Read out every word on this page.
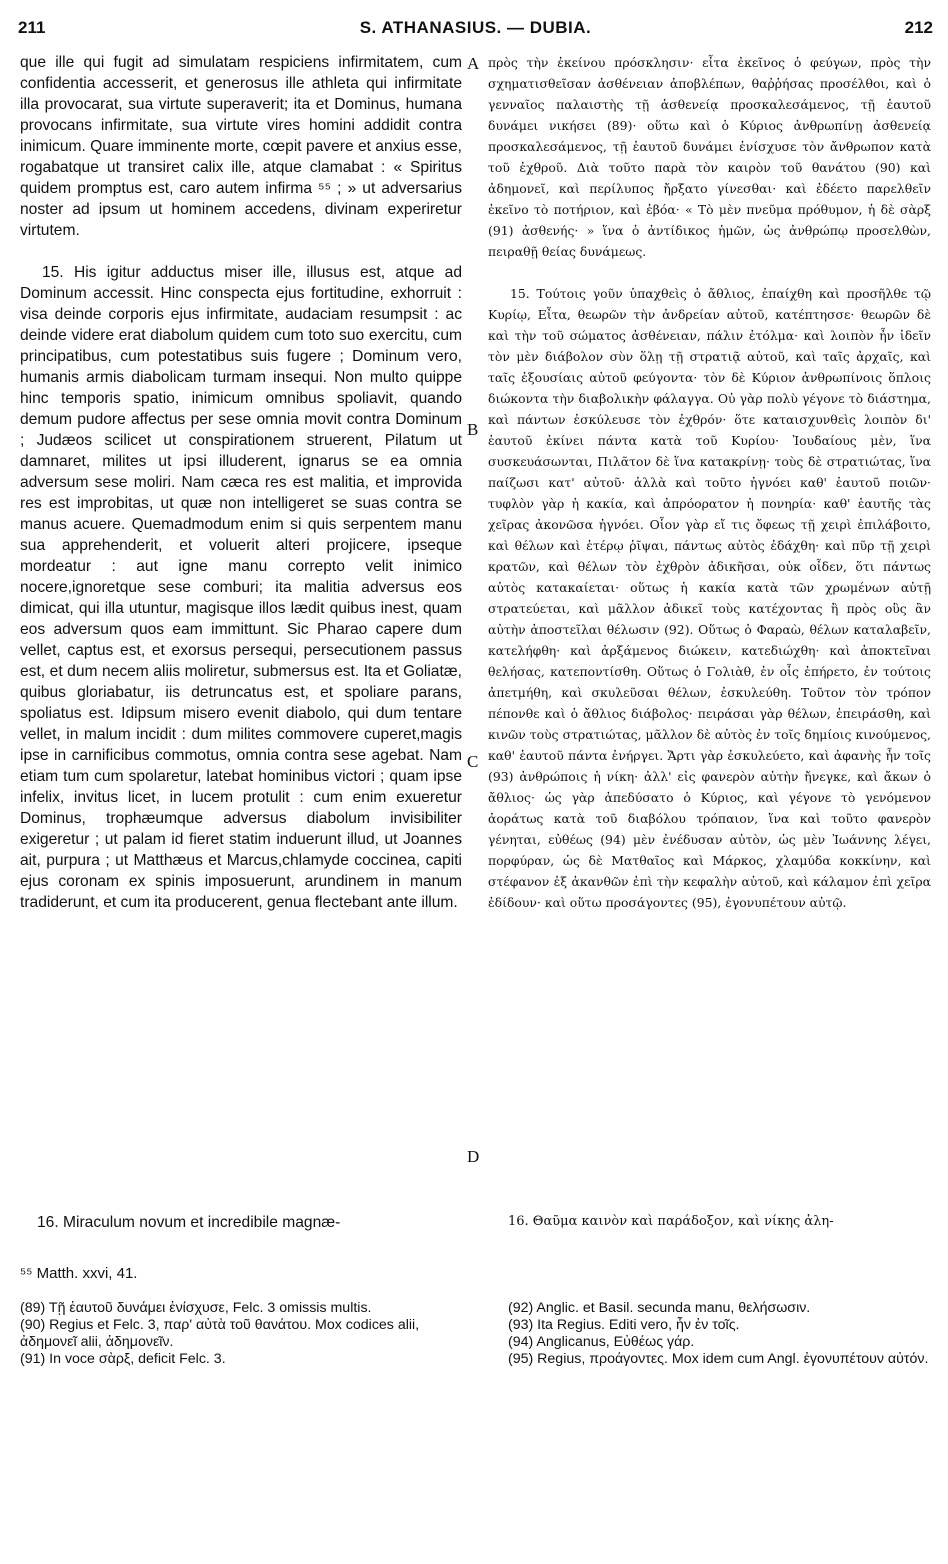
211	S. ATHANASIUS. — DUBIA.	212

que ille qui fugit ad simulatam respiciens infirmitatem, cum confidentia accesserit, et generosus ille athleta qui infirmitate illa provocarat, sua virtute superaverit; ita et Dominus, humana provocans infirmitate, sua virtute vires homini addidit contra inimicum. Quare imminente morte, cœpit pavere et anxius esse, rogabatque ut transiret calix ille, atque clamabat : « Spiritus quidem promptus est, caro autem infirma ⁵⁵ ; » ut adversarius noster ad ipsum ut hominem accedens, divinam experiretur virtutem.

15. His igitur adductus miser ille, illusus est, atque ad Dominum accessit. Hinc conspecta ejus fortitudine, exhorruit : visa deinde corporis ejus infirmitate, audaciam resumpsit : ac deinde videre erat diabolum quidem cum toto suo exercitu, cum principatibus, cum potestatibus suis fugere ; Dominum vero, humanis armis diabolicam turmam insequi. Non multo quippe hinc temporis spatio, inimicum omnibus spoliavit, quando demum pudore affectus per sese omnia movit contra Dominum ; Judæos scilicet ut conspirationem struerent, Pilatum ut damnaret, milites ut ipsi illuderent, ignarus se ea omnia adversum sese moliri. Nam cæca res est malitia, et improvida res est improbitas, ut quæ non intelligeret se suas contra se manus acuere. Quemadmodum enim si quis serpentem manu sua apprehenderit, et voluerit alteri projicere, ipseque mordeatur : aut igne manu correpto velit inimico nocere,ignoretque sese comburi; ita malitia adversus eos dimicat, qui illa utuntur, magisque illos lædit quibus inest, quam eos adversum quos eam immittunt. Sic Pharao capere dum vellet, captus est, et exorsus persequi, persecutionem passus est, et dum necem aliis moliretur, submersus est. Ita et Goliatæ, quibus gloriabatur, iis detruncatus est, et spoliare parans, spoliatus est. Idipsum misero evenit diabolo, qui dum tentare vellet, in malum incidit : dum milites commovere cuperet,magis ipse in carnificibus commotus, omnia contra sese agebat. Nam etiam tum cum spolaretur, latebat hominibus victori ; quam ipse infelix, invitus licet, in lucem protulit : cum enim exueretur Dominus, trophæumque adversus diabolum invisibiliter exigeretur ; ut palam id fieret statim induerunt illud, ut Joannes ait, purpura ; ut Matthæus et Marcus,chlamyde coccinea, capiti ejus coronam ex spinis imposuerunt, arundinem in manum tradiderunt, et cum ita producerent, genua flectebant ante illum.

πρὸς τὴν ἐκείνου πρόσκλησιν· εἶτα ἐκεῖνος ὁ φεύγων, πρὸς τὴν σχηματισθεῖσαν ἀσθένειαν ἀποβλέπων, θαῤῥήσας προσέλθοι, καὶ ὁ γενναῖος παλαιστὴς τῇ ἀσθενείᾳ προσκαλεσάμενος, τῇ ἑαυτοῦ δυνάμει νικήσει (89)· οὕτω καὶ ὁ Κύριος ἀνθρωπίνῃ ἀσθενείᾳ προσκαλεσάμενος, τῇ ἑαυτοῦ δυνάμει ἐνίσχυσε τὸν ἄνθρωπον κατὰ τοῦ ἐχθροῦ. Διὰ τοῦτο παρὰ τὸν καιρὸν τοῦ θανάτου (90) καὶ ἀδημονεῖ, καὶ περίλυπος ἤρξατο γίνεσθαι· καὶ ἐδέετο παρελθεῖν ἐκεῖνο τὸ ποτήριον, καὶ ἐβόα· « Τὸ μὲν πνεῦμα πρόθυμον, ἡ δὲ σὰρξ (91) ἀσθενής· » ἵνα ὁ ἀντίδικος ἡμῶν, ὡς ἀνθρώπῳ προσελθὼν, πειραθῇ θείας δυνάμεως.

15. Τούτοις γοῦν ὑπαχθεὶς ὁ ἄθλιος, ἐπαίχθη καὶ προσῆλθε τῷ Κυρίῳ, Εἶτα, θεωρῶν τὴν ἀνδρείαν αὐτοῦ, κατέπτησσε· θεωρῶν δὲ καὶ τὴν τοῦ σώματος ἀσθένειαν, πάλιν ἐτόλμα· καὶ λοιπὸν ἦν ἰδεῖν τὸν μὲν διάβολον σὺν ὅλῃ τῇ στρατιᾷ αὐτοῦ, καὶ ταῖς ἀρχαῖς, καὶ ταῖς ἐξουσίαις αὐτοῦ φεύγοντα· τὸν δὲ Κύριον ἀνθρωπίνοις ὅπλοις διώκοντα τὴν διαβολικὴν φάλαγγα. Οὐ γὰρ πολὺ γέγονε τὸ διάστημα, καὶ πάντων ἐσκύλευσε τὸν ἐχθρόν· ὅτε καταισχυνθεὶς λοιπὸν δι' ἑαυτοῦ ἐκίνει πάντα κατὰ τοῦ Κυρίου· Ἰουδαίους μὲν, ἵνα συσκευάσωνται, Πιλᾶτον δὲ ἵνα κατακρίνῃ· τοὺς δὲ στρατιώτας, ἵνα παίζωσι κατ' αὐτοῦ· ἀλλὰ καὶ τοῦτο ἠγνόει καθ' ἑαυτοῦ ποιῶν· τυφλὸν γὰρ ἡ κακία, καὶ ἀπρόορατον ἡ πονηρία· καθ' ἑαυτῆς τὰς χεῖρας ἀκονῶσα ἠγνόει. Οἷον γὰρ εἴ τις ὄφεως τῇ χειρὶ ἐπιλάβοιτο, καὶ θέλων καὶ ἑτέρῳ ῥῖψαι, πάντως αὐτὸς ἐδάχθη· καὶ πῦρ τῇ χειρὶ κρατῶν, καὶ θέλων τὸν ἐχθρὸν ἀδικῆσαι, οὐκ οἶδεν, ὅτι πάντως αὐτὸς κατακαίεται· οὕτως ἡ κακία κατὰ τῶν χρωμένων αὐτῇ στρατεύεται, καὶ μᾶλλον ἀδικεῖ τοὺς κατέχοντας ἢ πρὸς οὓς ἂν αὐτὴν ἀποστεῖλαι θέλωσιν (92). Οὕτως ὁ Φαραὼ, θέλων καταλαβεῖν, κατελήφθη· καὶ ἀρξάμενος διώκειν, κατεδιώχθη· καὶ ἀποκτεῖναι θελήσας, κατεποντίσθη. Οὕτως ὁ Γολιὰθ, ἐν οἷς ἐπήρετο, ἐν τούτοις ἀπετμήθη, καὶ σκυλεῦσαι θέλων, ἐσκυλεύθη. Τοῦτον τὸν τρόπον πέπονθε καὶ ὁ ἄθλιος διάβολος· πειράσαι γὰρ θέλων, ἐπειράσθη, καὶ κινῶν τοὺς στρατιώτας, μᾶλλον δὲ αὐτὸς ἐν τοῖς δημίοις κινούμενος, καθ' ἑαυτοῦ πάντα ἐνήργει. Ἄρτι γὰρ ἐσκυλεύετο, καὶ ἀφανὴς ἦν τοῖς (93) ἀνθρώποις ἡ νίκη· ἀλλ' εἰς φανερὸν αὐτὴν ἤνεγκε, καὶ ἄκων ὁ ἄθλιος· ὡς γὰρ ἀπεδύσατο ὁ Κύριος, καὶ γέγονε τὸ γενόμενον ἀοράτως κατὰ τοῦ διαβόλου τρόπαιον, ἵνα καὶ τοῦτο φανερὸν γένηται, εὐθέως (94) μὲν ἐνέδυσαν αὐτὸν, ὡς μὲν Ἰωάννης λέγει, πορφύραν, ὡς δὲ Ματθαῖος καὶ Μάρκος, χλαμύδα κοκκίνην, καὶ στέφανον ἐξ ἀκανθῶν ἐπὶ τὴν κεφαλὴν αὐτοῦ, καὶ κάλαμον ἐπὶ χεῖρα ἐδίδουν· καὶ οὕτω προσάγοντες (95), ἐγονυπέτουν αὐτῷ.

A
B
C
D
16. Miraculum novum et incredibile magnæ-	16. Θαῦμα καινὸν καὶ παράδοξον, καὶ νίκης ἀλη-
⁵⁵ Matth. xxvi, 41.

(89) Τῇ ἑαυτοῦ δυνάμει ἐνίσχυσε, Felc. 3 omissis multis.

(90) Regius et Felc. 3, παρ' αὐτὰ τοῦ θανάτου. Mox codices alii, ἀδημονεῖ alii, ἀδημονεῖν.

(91) In voce σὰρξ, deficit Felc. 3.

(92) Anglic. et Basil. secunda manu, θελήσωσιν.

(93) Ita Regius. Editi vero, ἦν ἐν τοῖς.

(94) Anglicanus, Εὐθέως γάρ.

(95) Regius, προάγοντες. Mox idem cum Angl. ἐγονυπέτουν αὐτόν.
